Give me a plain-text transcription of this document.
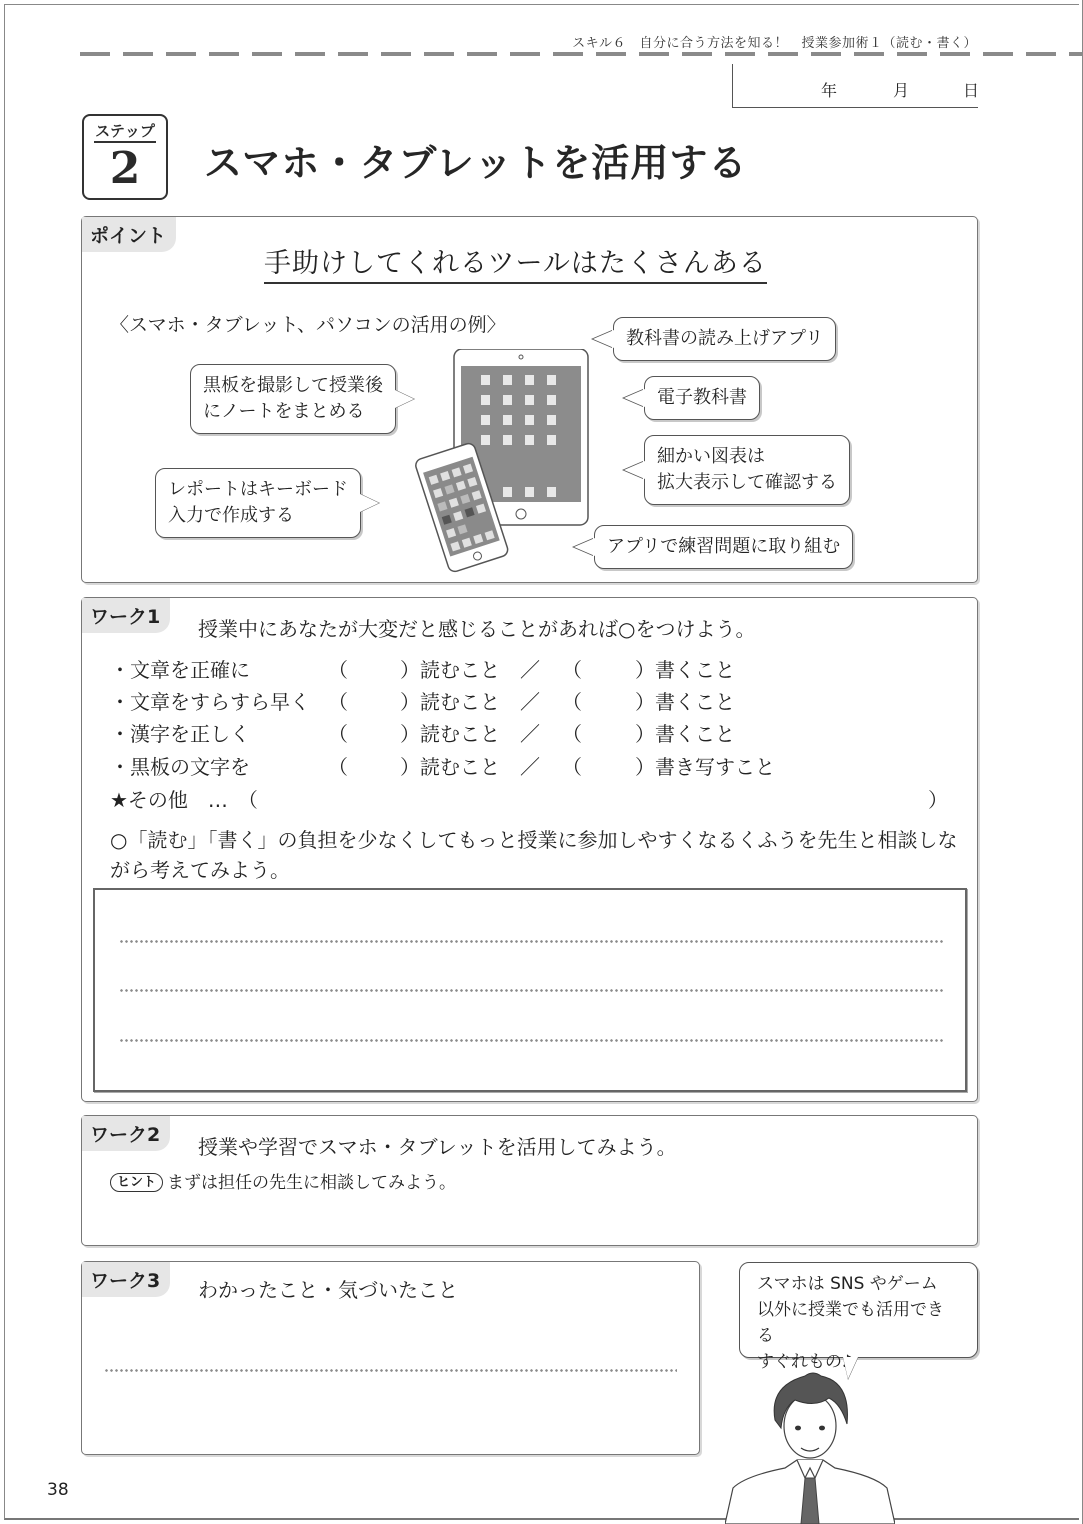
スキル６　自分に合う方法を知る！　授業参加術１（読む・書く）
年	月	日
ステップ
2	スマホ・タブレットを活用する
ポイント
手助けしてくれるツールはたくさんある
〈スマホ・タブレット、パソコンの活用の例〉
黒板を撮影して授業後
にノートをまとめる
レポートはキーボード
入力で作成する
教科書の読み上げアプリ
電子教科書
細かい図表は
拡大表示して確認する
アプリで練習問題に取り組む
ワーク1	授業中にあなたが大変だと感じることがあれば○をつけよう。
・文章を正確に	（	）読むこと ／ （	）書くこと
・文章をすらすら早く （	）読むこと ／ （	）書くこと
・漢字を正しく	（	）読むこと ／ （	）書くこと
・黒板の文字を	（	）読むこと ／ （	）書き写すこと
★その他　…　（	）
○「読む」「書く」の負担を少なくしてもっと授業に参加しやすくなるくふうを先生と相談しな
がら考えてみよう。
ワーク2	授業や学習でスマホ・タブレットを活用してみよう。
ヒント まずは担任の先生に相談してみよう。
ワーク3	わかったこと・気づいたこと	スマホは SNS やゲーム
以外に授業でも活用できる
すぐれもの♪
38
